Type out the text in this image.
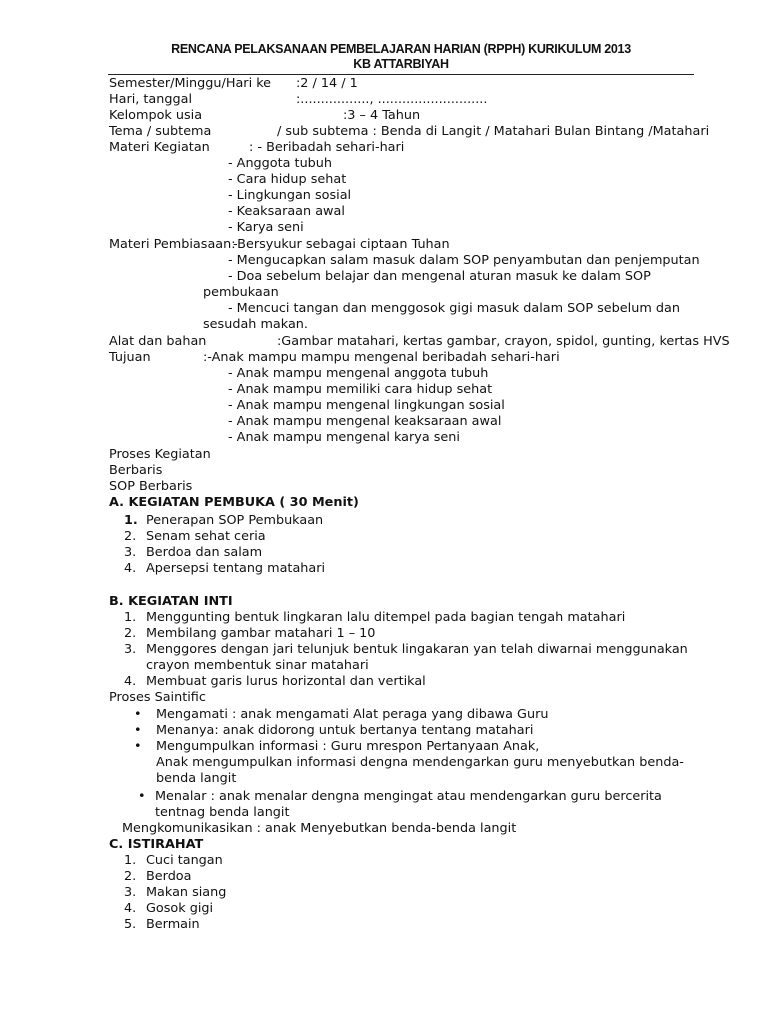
RENCANA PELAKSANAAN PEMBELAJARAN HARIAN (RPPH) KURIKULUM 2013
KB ATTARBIYAH
Semester/Minggu/Hari ke :2 / 14 / 1
Hari, tanggal	:................., ...........................
Kelompok usia	:3 – 4 Tahun
Tema / subtema	/ sub subtema : Benda di Langit / Matahari Bulan Bintang /Matahari
Materi Kegiatan	: - Beribadah sehari-hari
- Anggota tubuh
- Cara hidup sehat
- Lingkungan sosial
- Keaksaraan awal
- Karya seni
Materi Pembiasaan:
-Bersyukur sebagai ciptaan Tuhan
- Mengucapkan salam masuk dalam SOP penyambutan dan penjemputan
- Doa sebelum belajar dan mengenal aturan masuk ke dalam SOP
pembukaan
- Mencuci tangan dan menggosok gigi masuk dalam SOP sebelum dan
sesudah makan.
Alat dan bahan	:Gambar matahari, kertas gambar, crayon, spidol, gunting, kertas HVS
Tujuan	:-Anak mampu mampu mengenal beribadah sehari-hari
- Anak mampu mengenal anggota tubuh
- Anak mampu memiliki cara hidup sehat
- Anak mampu mengenal lingkungan sosial
- Anak mampu mengenal keaksaraan awal
- Anak mampu mengenal karya seni
Proses Kegiatan
Berbaris
SOP Berbaris
A. KEGIATAN PEMBUKA ( 30 Menit)
1. Penerapan SOP Pembukaan
2. Senam sehat ceria
3. Berdoa dan salam
4. Apersepsi tentang matahari
B. KEGIATAN INTI
1. Menggunting bentuk lingkaran lalu ditempel pada bagian tengah matahari
2. Membilang gambar matahari 1 – 10
3. Menggores dengan jari telunjuk bentuk lingakaran yan telah diwarnai menggunakan
crayon membentuk sinar matahari
4. Membuat garis lurus horizontal dan vertikal
Proses Saintific
• Mengamati : anak mengamati Alat peraga yang dibawa Guru
• Menanya: anak didorong untuk bertanya tentang matahari
• Mengumpulkan informasi : Guru mrespon Pertanyaan Anak,
Anak mengumpulkan informasi dengna mendengarkan guru menyebutkan benda-
benda langit
• Menalar : anak menalar dengna mengingat atau mendengarkan guru bercerita
tentnag benda langit
Mengkomunikasikan : anak Menyebutkan benda-benda langit
C. ISTIRAHAT
1. Cuci tangan
2. Berdoa
3. Makan siang
4. Gosok gigi
5. Bermain
